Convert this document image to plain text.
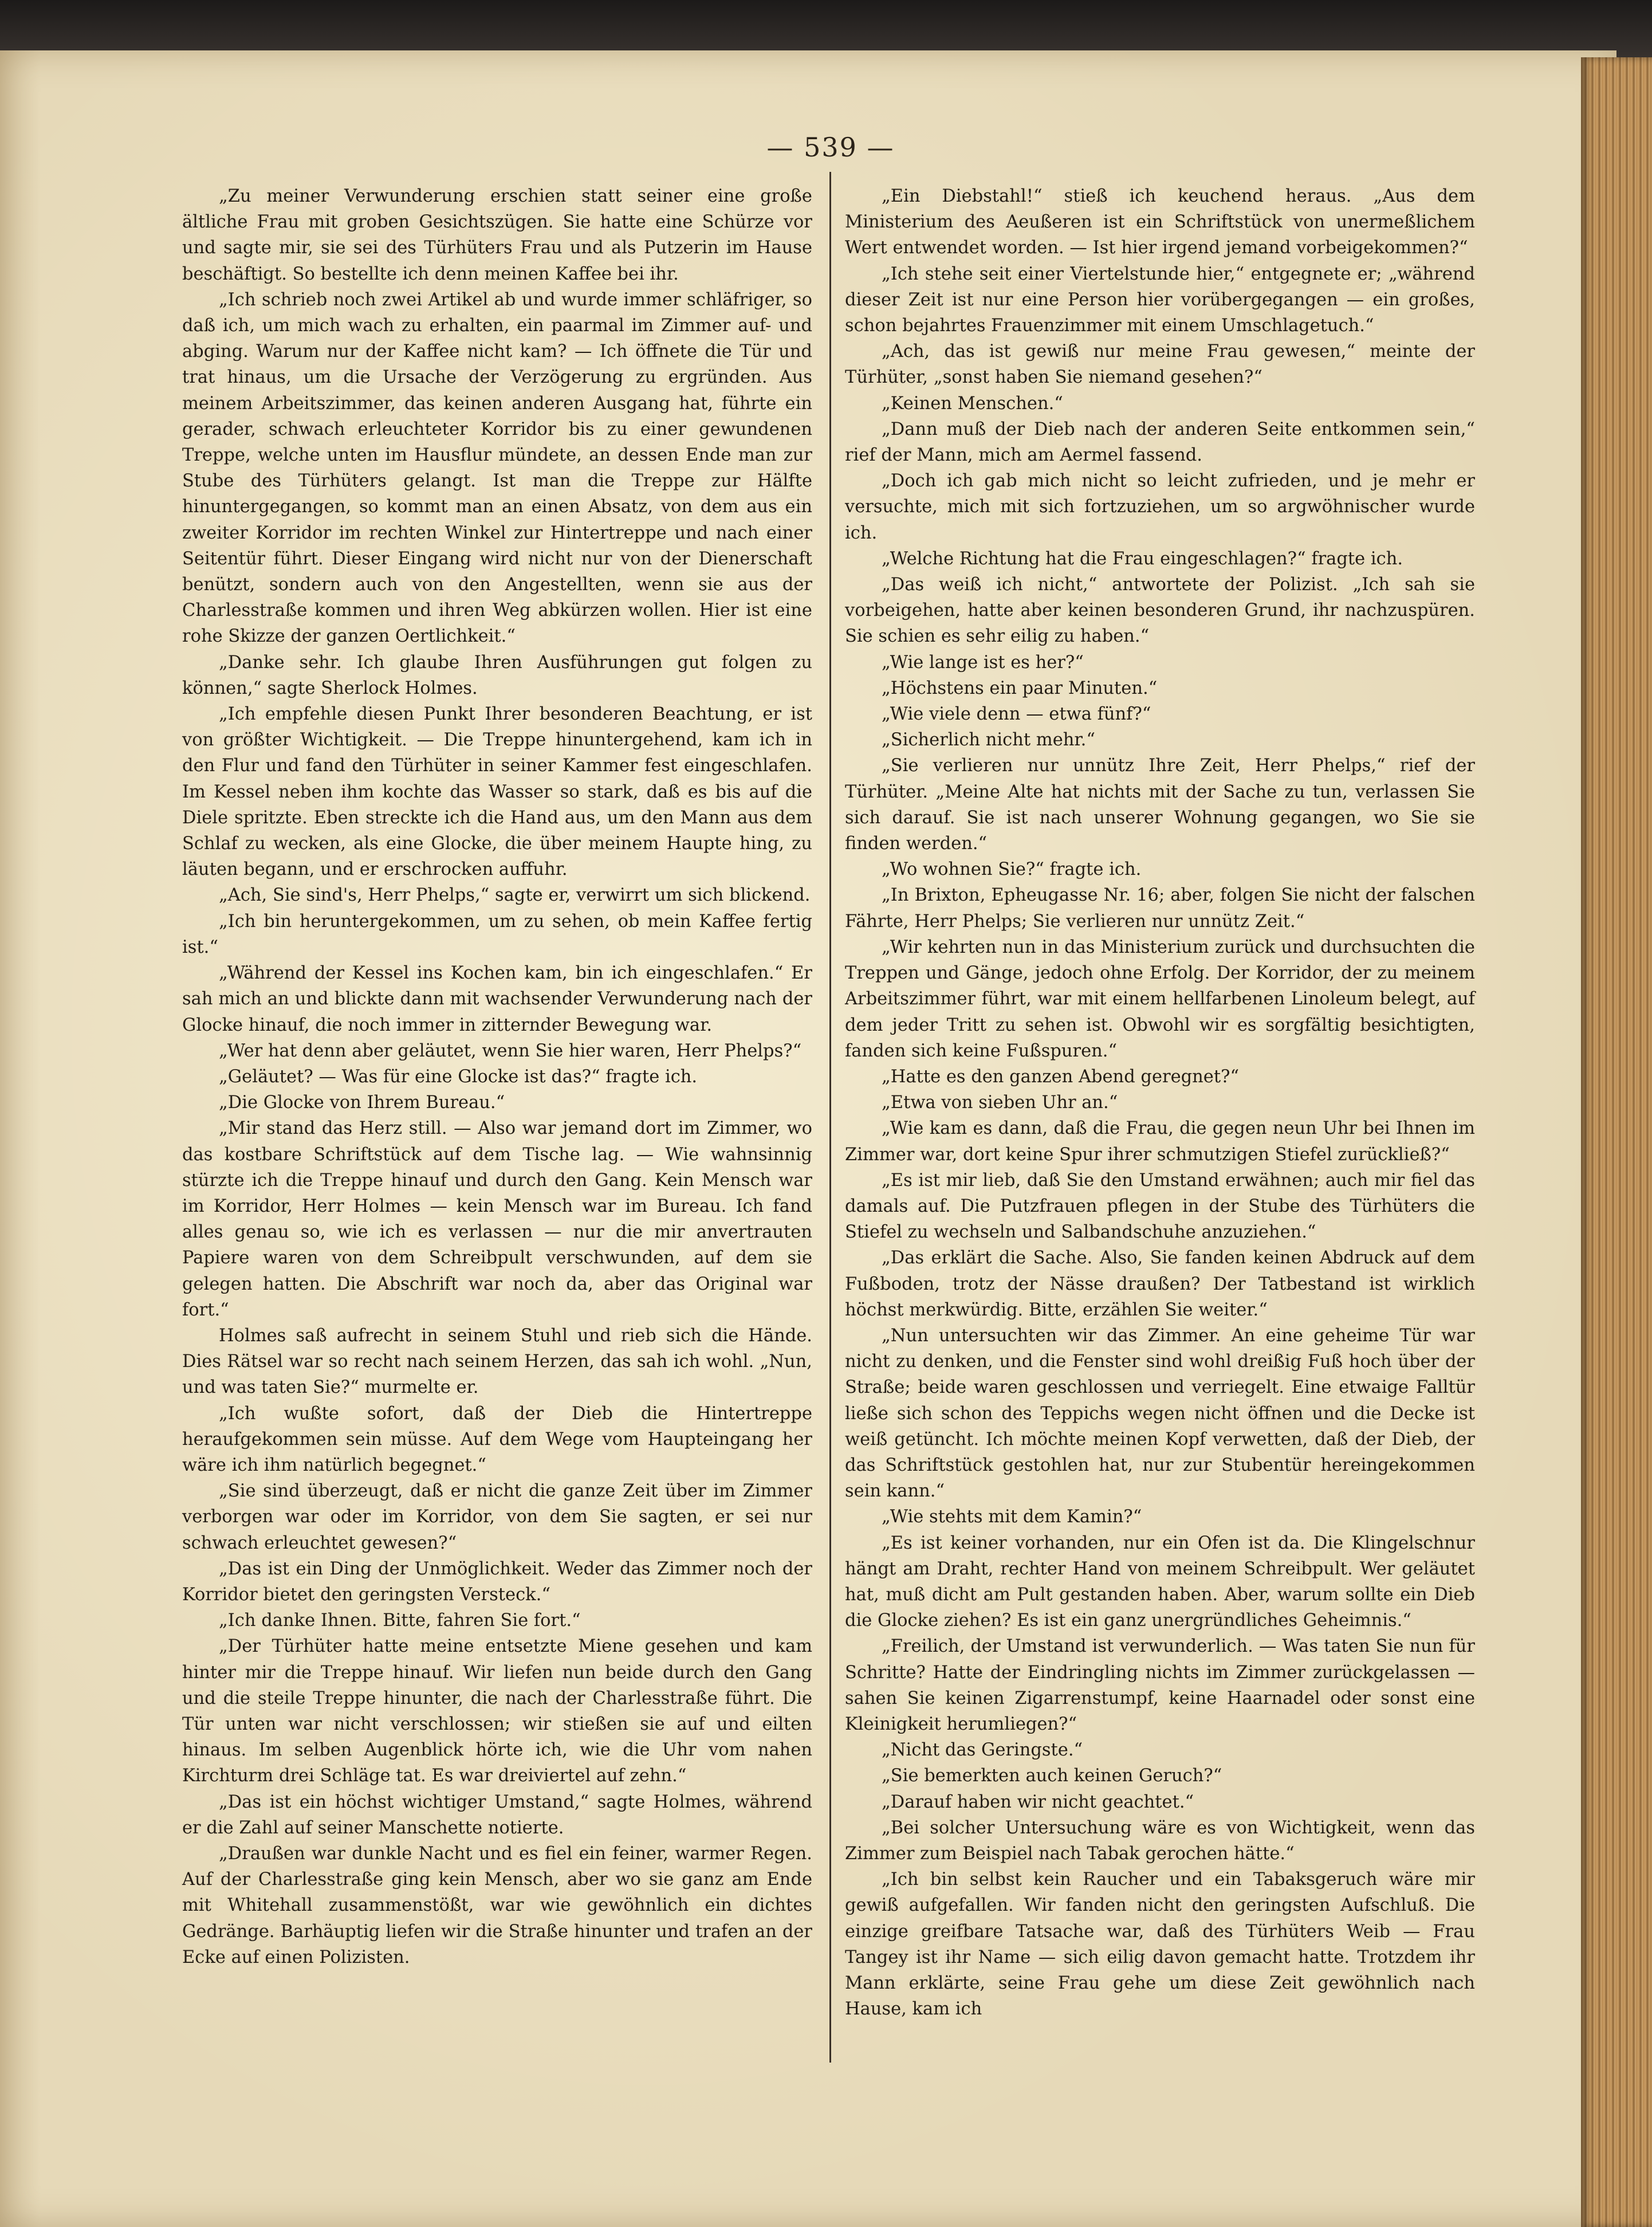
— 539 —

„Zu meiner Verwunderung erschien statt seiner eine große ältliche Frau mit groben Gesichtszügen. Sie hatte eine Schürze vor und sagte mir, sie sei des Türhüters Frau und als Putzerin im Hause beschäftigt. So bestellte ich denn meinen Kaffee bei ihr.

„Ich schrieb noch zwei Artikel ab und wurde immer schläfriger, so daß ich, um mich wach zu erhalten, ein paarmal im Zimmer auf- und abging. Warum nur der Kaffee nicht kam? — Ich öffnete die Tür und trat hinaus, um die Ursache der Verzögerung zu ergründen. Aus meinem Arbeitszimmer, das keinen anderen Ausgang hat, führte ein gerader, schwach erleuchteter Korridor bis zu einer gewundenen Treppe, welche unten im Hausflur mündete, an dessen Ende man zur Stube des Türhüters gelangt. Ist man die Treppe zur Hälfte hinuntergegangen, so kommt man an einen Absatz, von dem aus ein zweiter Korridor im rechten Winkel zur Hintertreppe und nach einer Seitentür führt. Dieser Eingang wird nicht nur von der Dienerschaft benützt, sondern auch von den Angestellten, wenn sie aus der Charlesstraße kommen und ihren Weg abkürzen wollen. Hier ist eine rohe Skizze der ganzen Oertlichkeit.“

„Danke sehr. Ich glaube Ihren Ausführungen gut folgen zu können,“ sagte Sherlock Holmes.

„Ich empfehle diesen Punkt Ihrer besonderen Beachtung, er ist von größter Wichtigkeit. — Die Treppe hinuntergehend, kam ich in den Flur und fand den Türhüter in seiner Kammer fest eingeschlafen. Im Kessel neben ihm kochte das Wasser so stark, daß es bis auf die Diele spritzte. Eben streckte ich die Hand aus, um den Mann aus dem Schlaf zu wecken, als eine Glocke, die über meinem Haupte hing, zu läuten begann, und er erschrocken auffuhr.

„Ach, Sie sind's, Herr Phelps,“ sagte er, verwirrt um sich blickend.

„Ich bin heruntergekommen, um zu sehen, ob mein Kaffee fertig ist.“

„Während der Kessel ins Kochen kam, bin ich eingeschlafen.“ Er sah mich an und blickte dann mit wachsender Verwunderung nach der Glocke hinauf, die noch immer in zitternder Bewegung war.

„Wer hat denn aber geläutet, wenn Sie hier waren, Herr Phelps?“

„Geläutet? — Was für eine Glocke ist das?“ fragte ich.

„Die Glocke von Ihrem Bureau.“

„Mir stand das Herz still. — Also war jemand dort im Zimmer, wo das kostbare Schriftstück auf dem Tische lag. — Wie wahnsinnig stürzte ich die Treppe hinauf und durch den Gang. Kein Mensch war im Korridor, Herr Holmes — kein Mensch war im Bureau. Ich fand alles genau so, wie ich es verlassen — nur die mir anvertrauten Papiere waren von dem Schreibpult verschwunden, auf dem sie gelegen hatten. Die Abschrift war noch da, aber das Original war fort.“

Holmes saß aufrecht in seinem Stuhl und rieb sich die Hände. Dies Rätsel war so recht nach seinem Herzen, das sah ich wohl. „Nun, und was taten Sie?“ murmelte er.

„Ich wußte sofort, daß der Dieb die Hintertreppe heraufgekommen sein müsse. Auf dem Wege vom Haupteingang her wäre ich ihm natürlich begegnet.“

„Sie sind überzeugt, daß er nicht die ganze Zeit über im Zimmer verborgen war oder im Korridor, von dem Sie sagten, er sei nur schwach erleuchtet gewesen?“

„Das ist ein Ding der Unmöglichkeit. Weder das Zimmer noch der Korridor bietet den geringsten Versteck.“

„Ich danke Ihnen. Bitte, fahren Sie fort.“

„Der Türhüter hatte meine entsetzte Miene gesehen und kam hinter mir die Treppe hinauf. Wir liefen nun beide durch den Gang und die steile Treppe hinunter, die nach der Charlesstraße führt. Die Tür unten war nicht verschlossen; wir stießen sie auf und eilten hinaus. Im selben Augenblick hörte ich, wie die Uhr vom nahen Kirchturm drei Schläge tat. Es war dreiviertel auf zehn.“

„Das ist ein höchst wichtiger Umstand,“ sagte Holmes, während er die Zahl auf seiner Manschette notierte.

„Draußen war dunkle Nacht und es fiel ein feiner, warmer Regen. Auf der Charlesstraße ging kein Mensch, aber wo sie ganz am Ende mit Whitehall zusammenstößt, war wie gewöhnlich ein dichtes Gedränge. Barhäuptig liefen wir die Straße hinunter und trafen an der Ecke auf einen Polizisten.

„Ein Diebstahl!“ stieß ich keuchend heraus. „Aus dem Ministerium des Aeußeren ist ein Schriftstück von unermeßlichem Wert entwendet worden. — Ist hier irgend jemand vorbeigekommen?“

„Ich stehe seit einer Viertelstunde hier,“ entgegnete er; „während dieser Zeit ist nur eine Person hier vorübergegangen — ein großes, schon bejahrtes Frauenzimmer mit einem Umschlagetuch.“

„Ach, das ist gewiß nur meine Frau gewesen,“ meinte der Türhüter, „sonst haben Sie niemand gesehen?“

„Keinen Menschen.“

„Dann muß der Dieb nach der anderen Seite entkommen sein,“ rief der Mann, mich am Aermel fassend.

„Doch ich gab mich nicht so leicht zufrieden, und je mehr er versuchte, mich mit sich fortzuziehen, um so argwöhnischer wurde ich.

„Welche Richtung hat die Frau eingeschlagen?“ fragte ich.

„Das weiß ich nicht,“ antwortete der Polizist. „Ich sah sie vorbeigehen, hatte aber keinen besonderen Grund, ihr nachzuspüren. Sie schien es sehr eilig zu haben.“

„Wie lange ist es her?“

„Höchstens ein paar Minuten.“

„Wie viele denn — etwa fünf?“

„Sicherlich nicht mehr.“

„Sie verlieren nur unnütz Ihre Zeit, Herr Phelps,“ rief der Türhüter. „Meine Alte hat nichts mit der Sache zu tun, verlassen Sie sich darauf. Sie ist nach unserer Wohnung gegangen, wo Sie sie finden werden.“

„Wo wohnen Sie?“ fragte ich.

„In Brixton, Epheugasse Nr. 16; aber, folgen Sie nicht der falschen Fährte, Herr Phelps; Sie verlieren nur unnütz Zeit.“

„Wir kehrten nun in das Ministerium zurück und durchsuchten die Treppen und Gänge, jedoch ohne Erfolg. Der Korridor, der zu meinem Arbeitszimmer führt, war mit einem hellfarbenen Linoleum belegt, auf dem jeder Tritt zu sehen ist. Obwohl wir es sorgfältig besichtigten, fanden sich keine Fußspuren.“

„Hatte es den ganzen Abend geregnet?“

„Etwa von sieben Uhr an.“

„Wie kam es dann, daß die Frau, die gegen neun Uhr bei Ihnen im Zimmer war, dort keine Spur ihrer schmutzigen Stiefel zurückließ?“

„Es ist mir lieb, daß Sie den Umstand erwähnen; auch mir fiel das damals auf. Die Putzfrauen pflegen in der Stube des Türhüters die Stiefel zu wechseln und Salbandschuhe anzuziehen.“

„Das erklärt die Sache. Also, Sie fanden keinen Abdruck auf dem Fußboden, trotz der Nässe draußen? Der Tatbestand ist wirklich höchst merkwürdig. Bitte, erzählen Sie weiter.“

„Nun untersuchten wir das Zimmer. An eine geheime Tür war nicht zu denken, und die Fenster sind wohl dreißig Fuß hoch über der Straße; beide waren geschlossen und verriegelt. Eine etwaige Falltür ließe sich schon des Teppichs wegen nicht öffnen und die Decke ist weiß getüncht. Ich möchte meinen Kopf verwetten, daß der Dieb, der das Schriftstück gestohlen hat, nur zur Stubentür hereingekommen sein kann.“

„Wie stehts mit dem Kamin?“

„Es ist keiner vorhanden, nur ein Ofen ist da. Die Klingelschnur hängt am Draht, rechter Hand von meinem Schreibpult. Wer geläutet hat, muß dicht am Pult gestanden haben. Aber, warum sollte ein Dieb die Glocke ziehen? Es ist ein ganz unergründliches Geheimnis.“

„Freilich, der Umstand ist verwunderlich. — Was taten Sie nun für Schritte? Hatte der Eindringling nichts im Zimmer zurückgelassen — sahen Sie keinen Zigarrenstumpf, keine Haarnadel oder sonst eine Kleinigkeit herumliegen?“

„Nicht das Geringste.“

„Sie bemerkten auch keinen Geruch?“

„Darauf haben wir nicht geachtet.“

„Bei solcher Untersuchung wäre es von Wichtigkeit, wenn das Zimmer zum Beispiel nach Tabak gerochen hätte.“

„Ich bin selbst kein Raucher und ein Tabaksgeruch wäre mir gewiß aufgefallen. Wir fanden nicht den geringsten Aufschluß. Die einzige greifbare Tatsache war, daß des Türhüters Weib — Frau Tangey ist ihr Name — sich eilig davon gemacht hatte. Trotzdem ihr Mann erklärte, seine Frau gehe um diese Zeit gewöhnlich nach Hause, kam ich
